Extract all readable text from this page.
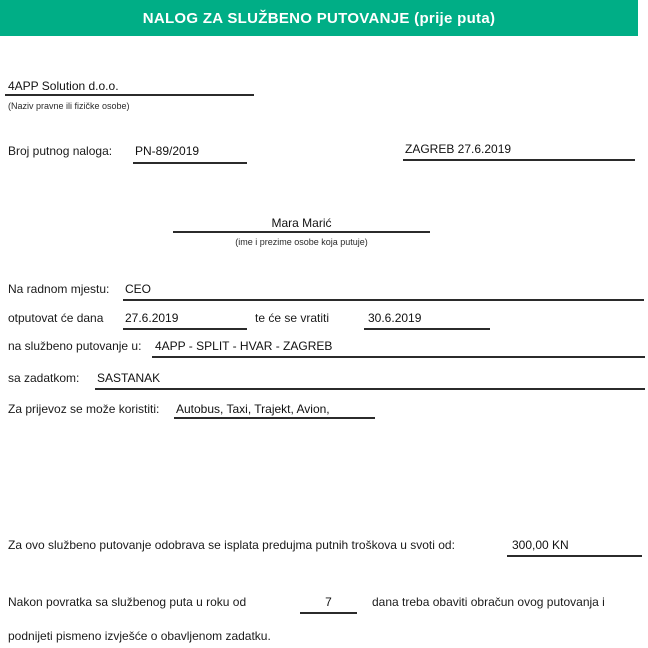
NALOG ZA SLUŽBENO PUTOVANJE (prije puta)
4APP Solution d.o.o.
(Naziv pravne ili fizičke osobe)
Broj putnog naloga: PN-89/2019	ZAGREB 27.6.2019
Mara Marić
(ime i prezime osobe koja putuje)
Na radnom mjestu: CEO
otputovat će dana 27.6.2019	te će se vratiti	30.6.2019
na službeno putovanje u: 4APP - SPLIT - HVAR - ZAGREB
sa zadatkom: SASTANAK
Za prijevoz se može koristiti: Autobus, Taxi, Trajekt, Avion,
Za ovo službeno putovanje odobrava se isplata predujma putnih troškova u svoti od:	300,00 KN
Nakon povratka sa službenog puta u roku od	7	dana treba obaviti obračun ovog putovanja i
podnijeti pismeno izvješće o obavljenom zadatku.
